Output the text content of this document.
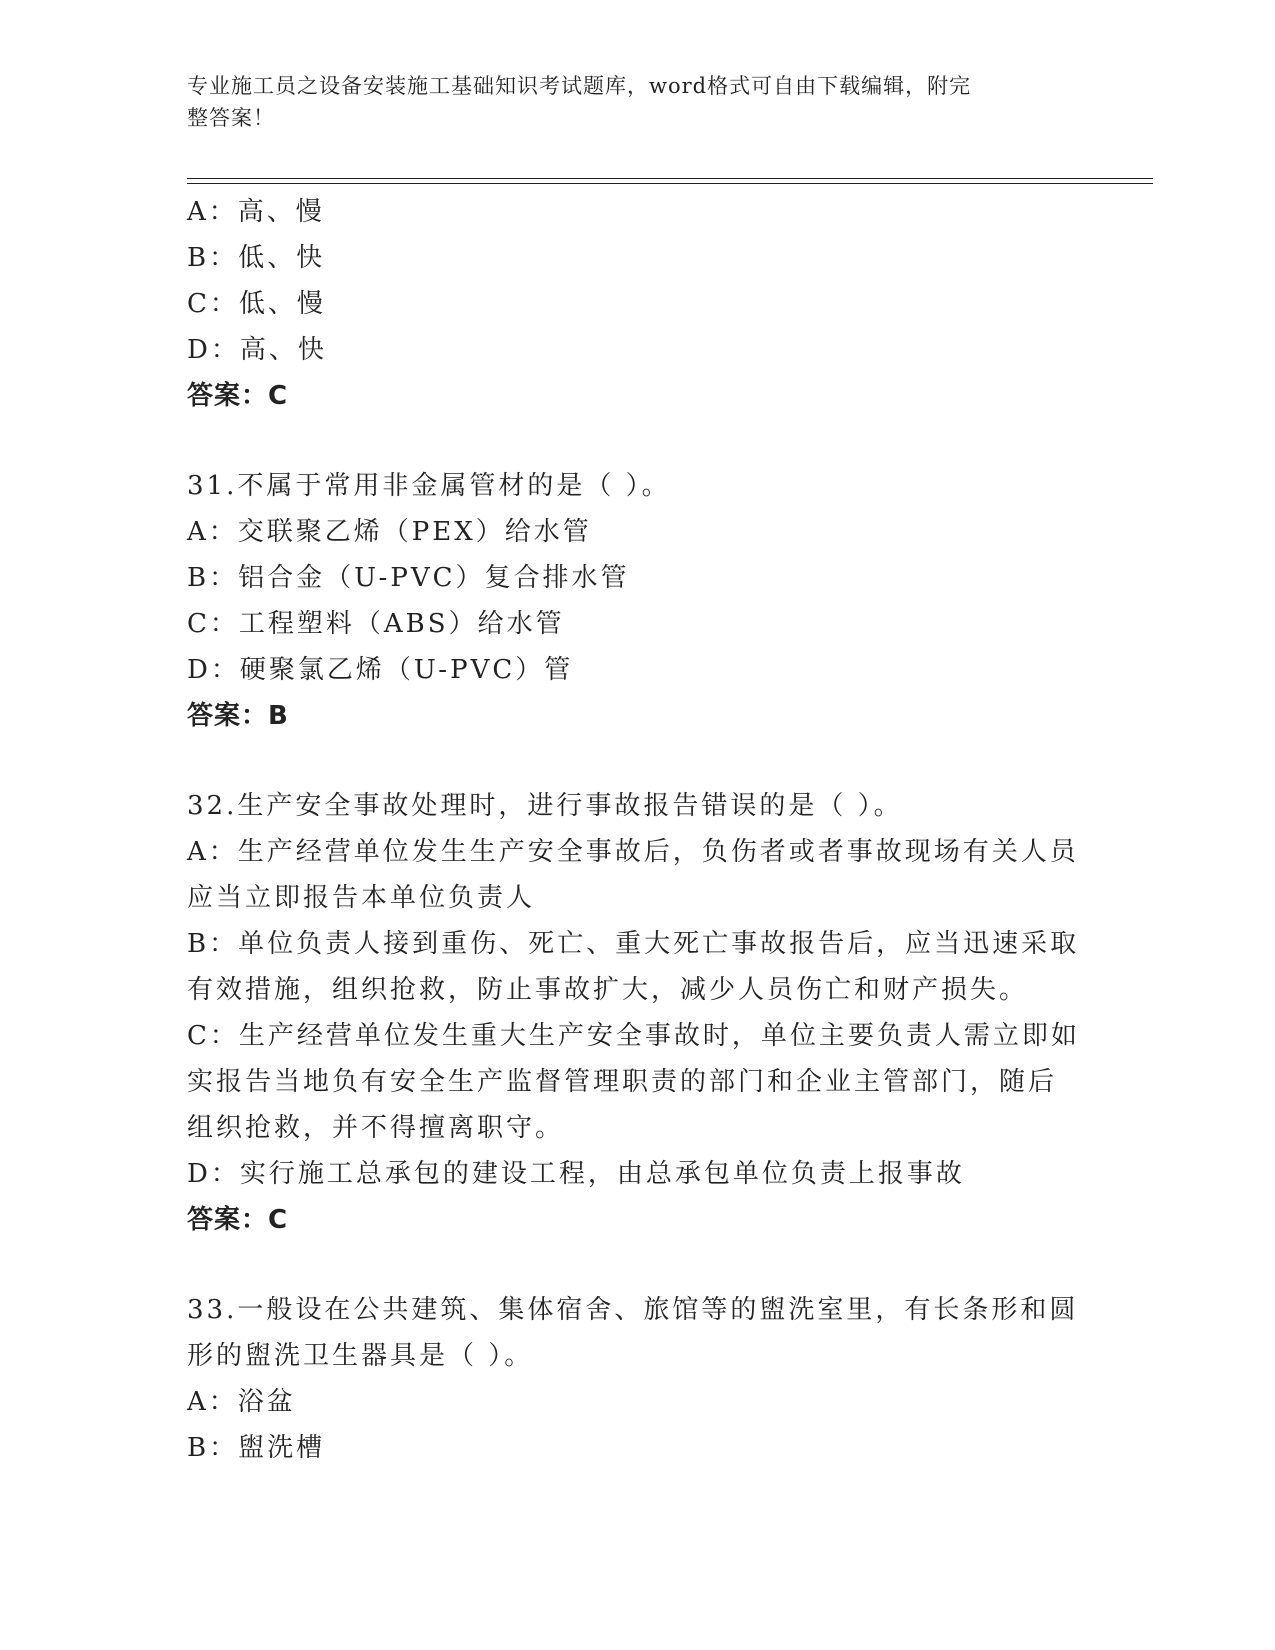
专业施工员之设备安装施工基础知识考试题库，word格式可自由下载编辑，附完
整答案！

A：高、慢

B：低、快

C：低、慢

D：高、快

答案：C

31.不属于常用非金属管材的是（ ）。

A：交联聚乙烯（PEX）给水管

B：铝合金（U-PVC）复合排水管

C：工程塑料（ABS）给水管

D：硬聚氯乙烯（U-PVC）管

答案：B

32.生产安全事故处理时，进行事故报告错误的是（ ）。

A：生产经营单位发生生产安全事故后，负伤者或者事故现场有关人员

应当立即报告本单位负责人

B：单位负责人接到重伤、死亡、重大死亡事故报告后，应当迅速采取

有效措施，组织抢救，防止事故扩大，减少人员伤亡和财产损失。

C：生产经营单位发生重大生产安全事故时，单位主要负责人需立即如

实报告当地负有安全生产监督管理职责的部门和企业主管部门，随后

组织抢救，并不得擅离职守。

D：实行施工总承包的建设工程，由总承包单位负责上报事故

答案：C

33.一般设在公共建筑、集体宿舍、旅馆等的盥洗室里，有长条形和圆

形的盥洗卫生器具是（ ）。

A：浴盆

B：盥洗槽
